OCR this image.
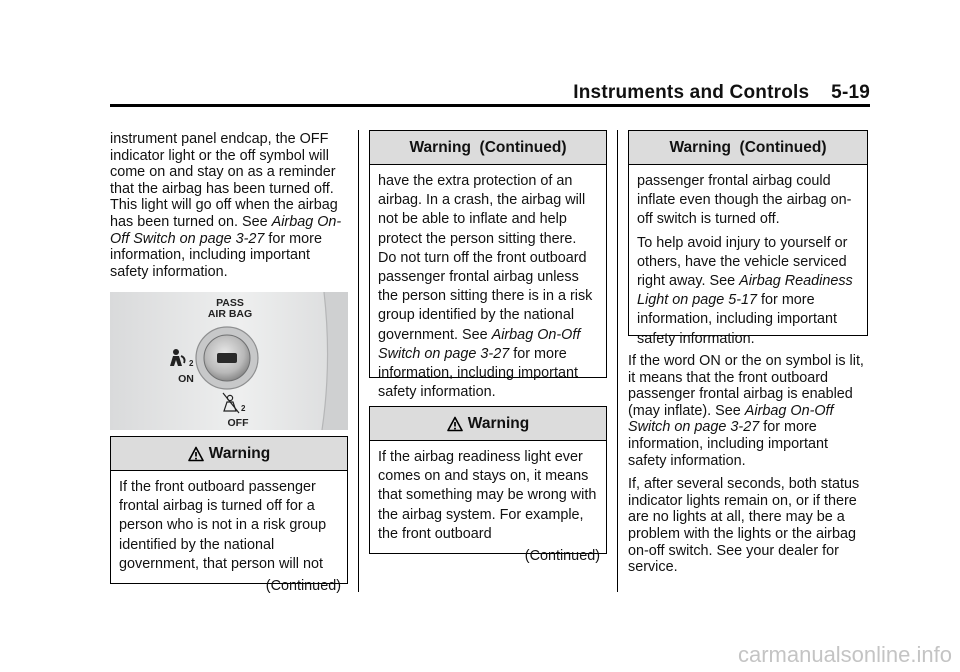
Instruments and Controls 5-19

instrument panel endcap, the OFF indicator light or the off symbol will come on and stay on as a reminder that the airbag has been turned off. This light will go off when the airbag has been turned on. See Airbag On-Off Switch on page 3-27 for more information, including important safety information.

PASS
AIR BAG
2
ON
2
OFF
Warning

If the front outboard passenger frontal airbag is turned off for a person who is not in a risk group identified by the national government, that person will not

(Continued)
Warning  (Continued)

have the extra protection of an airbag. In a crash, the airbag will not be able to inflate and help protect the person sitting there. Do not turn off the front outboard passenger frontal airbag unless the person sitting there is in a risk group identified by the national government. See Airbag On-Off Switch on page 3-27 for more information, including important safety information.

Warning

If the airbag readiness light ever comes on and stays on, it means that something may be wrong with the airbag system. For example, the front outboard

(Continued)
Warning  (Continued)

passenger frontal airbag could inflate even though the airbag on-off switch is turned off.

To help avoid injury to yourself or others, have the vehicle serviced right away. See Airbag Readiness Light on page 5-17 for more information, including important safety information.

If the word ON or the on symbol is lit, it means that the front outboard passenger frontal airbag is enabled (may inflate). See Airbag On-Off Switch on page 3-27 for more information, including important safety information.

If, after several seconds, both status indicator lights remain on, or if there are no lights at all, there may be a problem with the lights or the airbag on-off switch. See your dealer for service.

carmanualsonline.info
